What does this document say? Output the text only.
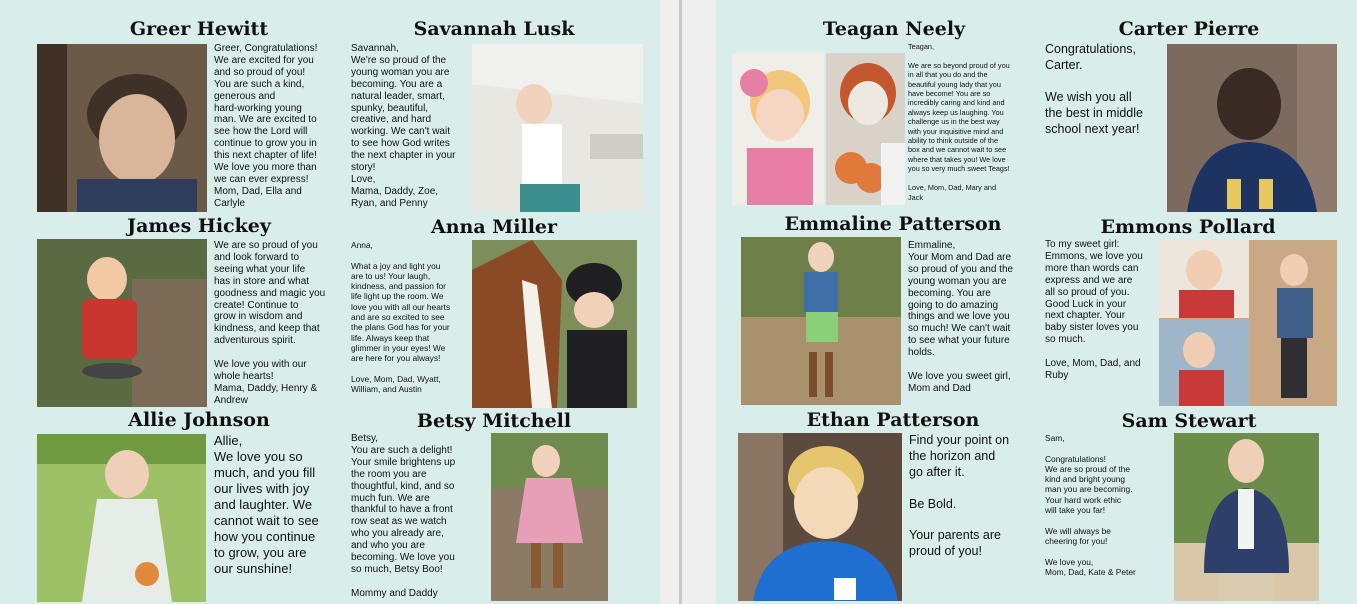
Greer Hewitt
Greer, Congratulations!
We are excited for you
and so proud of you!
You are such a kind,
generous and
hard-working young
man. We are excited to
see how the Lord will
continue to grow you in
this next chapter of life!
We love you more than
we can ever express!
Mom, Dad, Ella and
Carlyle
Savannah Lusk
Savannah,
We're so proud of the
young woman you are
becoming. You are a
natural leader, smart,
spunky, beautiful,
creative, and hard
working. We can't wait
to see how God writes
the next chapter in your
story!
Love,
Mama, Daddy, Zoe,
Ryan, and Penny
James Hickey
We are so proud of you
and look forward to
seeing what your life
has in store and what
goodness and magic you
create! Continue to
grow in wisdom and
kindness, and keep that
adventurous spirit.

We love you with our
whole hearts!
Mama, Daddy, Henry &
Andrew
Anna Miller
Anna,

What a joy and light you
are to us! Your laugh,
kindness, and passion for
life light up the room. We
love you with all our hearts
and are so excited to see
the plans God has for your
life. Always keep that
glimmer in your eyes! We
are here for you always!

Love, Mom, Dad, Wyatt,
William, and Austin
Allie Johnson
Allie,
We love you so
much, and you fill
our lives with joy
and laughter. We
cannot wait to see
how you continue
to grow, you are
our sunshine!
Betsy Mitchell
Betsy,
You are such a delight!
Your smile brightens up
the room you are
thoughtful, kind, and so
much fun. We are
thankful to have a front
row seat as we watch
who you already are,
and who you are
becoming. We love you
so much, Betsy Boo!

Mommy and Daddy
Teagan Neely
Teagan,

We are so beyond proud of you
in all that you do and the
beautiful young lady that you
have become! You are so
incredibly caring and kind and
always keep us laughing. You
challenge us in the best way
with your inquisitive mind and
ability to think outside of the
box and we cannot wait to see
where that takes you! We love
you so very much sweet Teags!

Love, Mom, Dad, Mary and
Jack
Carter Pierre
Congratulations,
Carter.

We wish you all
the best in middle
school next year!
Emmaline Patterson
Emmaline,
Your Mom and Dad are
so proud of you and the
young woman you are
becoming. You are
going to do amazing
things and we love you
so much! We can't wait
to see what your future
holds.

We love you sweet girl,
Mom and Dad
Emmons Pollard
To my sweet girl:
Emmons, we love you
more than words can
express and we are
all so proud of you.
Good Luck in your
next chapter. Your
baby sister loves you
so much.

Love, Mom, Dad, and
Ruby
Ethan Patterson
Find your point on
the horizon and
go after it.

Be Bold.

Your parents are
proud of you!
Sam Stewart
Sam,

Congratulations!
We are so proud of the
kind and bright young
man you are becoming.
Your hard work ethic
will take you far!

We will always be
cheering for you!

We love you,
Mom, Dad, Kate & Peter
